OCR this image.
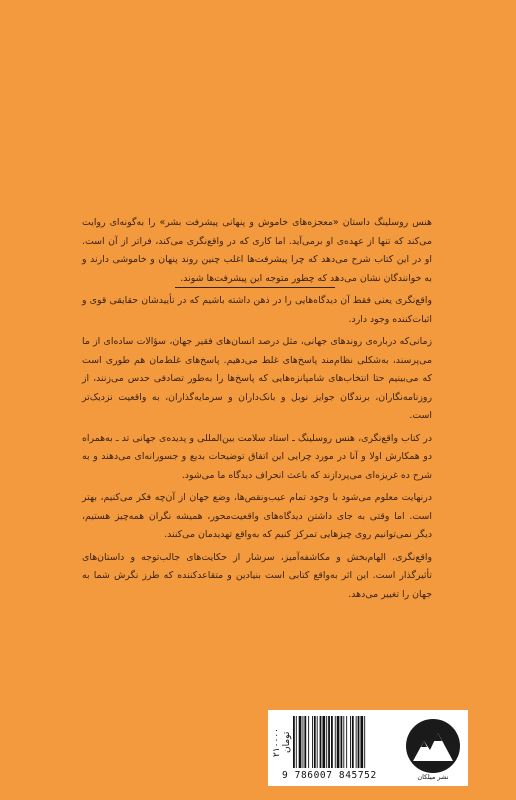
هنس روسلینگ داستان «معجزه‌های خاموش و پنهانی پیشرفت بشر» را به‌گونه‌ای روایت می‌کند که تنها از عهده‌ی او برمی‌آید. اما کاری که در واقع‌نگری می‌کند، فراتر از آن است. او در این کتاب شرح می‌دهد که چرا پیشرفت‌ها اغلب چنین روند پنهان و خاموشی دارند و به خوانندگان نشان می‌دهد که چطور متوجه این پیشرفت‌ها شوند.

واقع‌نگری یعنی فقط آن دیدگاه‌هایی را در ذهن داشته باشیم که در تأییدشان حقایقی قوی و اثبات‌کننده وجود دارد.

زمانی‌که درباره‌ی روندهای جهانی، مثل درصد انسان‌های فقیر جهان، سؤالات ساده‌ای از ما می‌پرسند، به‌شکلی نظام‌مند پاسخ‌های غلط می‌دهیم. پاسخ‌های غلط‌مان هم طوری است که می‌بینیم حتا انتخاب‌های شامپانزه‌هایی که پاسخ‌ها را به‌طور تصادفی حدس می‌زنند، از روزنامه‌نگاران، برندگان جوایز نوبل و بانک‌داران و سرمایه‌گذاران، به واقعیت نزدیک‌تر است.

در کتاب واقع‌نگری، هنس روسلینگ ـ استاد سلامت بین‌المللی و پدیده‌ی جهانی تد ـ به‌همراه دو همکارش اولا و آنا در مورد چرایی این اتفاق توضیحات بدیع و جسورانه‌ای می‌دهند و به شرح ده غریزه‌ای می‌پردازند که باعث انحراف دیدگاه ما می‌شود.

درنهایت معلوم می‌شود با وجود تمام عیب‌ونقص‌ها، وضع جهان از آن‌چه فکر می‌کنیم، بهتر است. اما وقتی به جای داشتن دیدگاه‌های واقعیت‌محور، همیشه نگران همه‌چیز هستیم، دیگر نمی‌توانیم روی چیزهایی تمرکز کنیم که به‌واقع تهدیدمان می‌کنند.

واقع‌نگری، الهام‌بخش و مکاشفه‌آمیز، سرشار از حکایت‌های جالب‌توجه و داستان‌های تأثیرگذار است. این اثر به‌واقع کتابی است بنیادین و متقاعدکننده که طرز نگرش شما به جهان را تغییر می‌دهد.

۲۱۰۰۰۰ تومان
9 786007 845752	نشر میلکان
